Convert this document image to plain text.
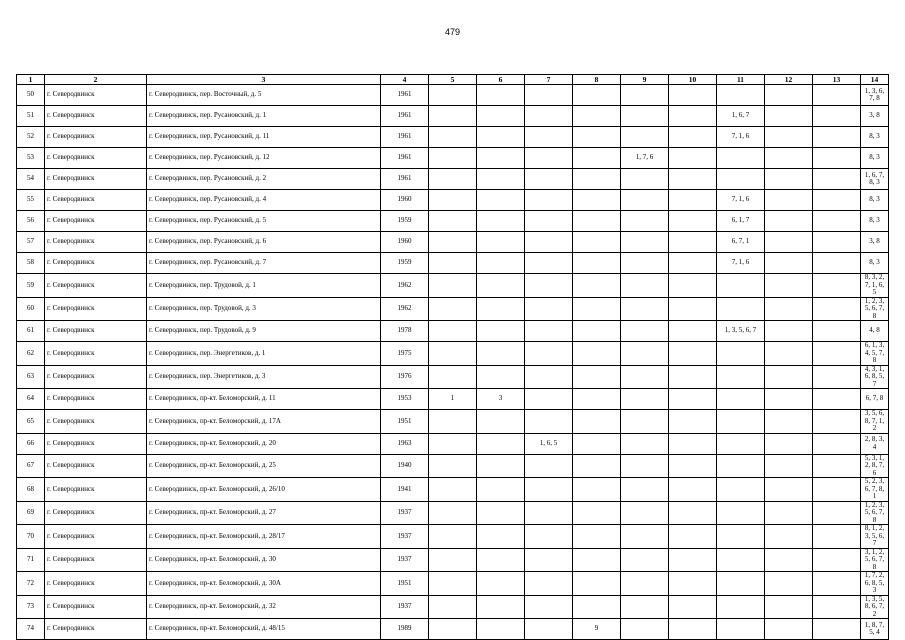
479
1	2	3	4	5	6	7	8	9	10	11	12	13	14
50	г. Северодвинск	г. Северодвинск, пер. Восточный, д. 5	1961										1, 3, 6, 7, 8
51	г. Северодвинск	г. Северодвинск, пер. Русановский, д. 1	1961							1, 6, 7			3, 8
52	г. Северодвинск	г. Северодвинск, пер. Русановский, д. 11	1961							7, 1, 6			8, 3
53	г. Северодвинск	г. Северодвинск, пер. Русановский, д. 12	1961					1, 7, 6					8, 3
54	г. Северодвинск	г. Северодвинск, пер. Русановский, д. 2	1961										1, 6, 7, 8, 3
55	г. Северодвинск	г. Северодвинск, пер. Русановский, д. 4	1960							7, 1, 6			8, 3
56	г. Северодвинск	г. Северодвинск, пер. Русановский, д. 5	1959							6, 1, 7			8, 3
57	г. Северодвинск	г. Северодвинск, пер. Русановский, д. 6	1960							6, 7, 1			3, 8
58	г. Северодвинск	г. Северодвинск, пер. Русановский, д. 7	1959							7, 1, 6			8, 3
59	г. Северодвинск	г. Северодвинск, пер. Трудовой, д. 1	1962										8, 3, 2, 7, 1, 6, 5
60	г. Северодвинск	г. Северодвинск, пер. Трудовой, д. 3	1962										1, 2, 3, 5, 6, 7, 8
61	г. Северодвинск	г. Северодвинск, пер. Трудовой, д. 9	1978							1, 3, 5, 6, 7			4, 8
62	г. Северодвинск	г. Северодвинск, пер. Энергетиков, д. 1	1975										6, 1, 3, 4, 5, 7, 8
63	г. Северодвинск	г. Северодвинск, пер. Энергетиков, д. 3	1976										4, 3, 1, 6, 8, 5, 7
64	г. Северодвинск	г. Северодвинск, пр-кт. Беломорский, д. 11	1953	1	3								6, 7, 8
65	г. Северодвинск	г. Северодвинск, пр-кт. Беломорский, д. 17А	1951										3, 5, 6, 8, 7, 1, 2
66	г. Северодвинск	г. Северодвинск, пр-кт. Беломорский, д. 20	1963			1, 6, 5							2, 8, 3, 4
67	г. Северодвинск	г. Северодвинск, пр-кт. Беломорский, д. 25	1940										5, 3, 1, 2, 8, 7, 6
68	г. Северодвинск	г. Северодвинск, пр-кт. Беломорский, д. 26/10	1941										5, 2, 3, 6, 7, 8, 1
69	г. Северодвинск	г. Северодвинск, пр-кт. Беломорский, д. 27	1937										1, 2, 3, 5, 6, 7, 8
70	г. Северодвинск	г. Северодвинск, пр-кт. Беломорский, д. 28/17	1937										8, 1, 2, 3, 5, 6, 7
71	г. Северодвинск	г. Северодвинск, пр-кт. Беломорский, д. 30	1937										3, 1, 2, 5, 6, 7, 8
72	г. Северодвинск	г. Северодвинск, пр-кт. Беломорский, д. 30А	1951										1, 7, 2, 6, 8, 5, 3
73	г. Северодвинск	г. Северодвинск, пр-кт. Беломорский, д. 32	1937										1, 3, 5, 8, 6, 7, 2
74	г. Северодвинск	г. Северодвинск, пр-кт. Беломорский, д. 48/15	1989				9						1, 8, 7, 5, 4
